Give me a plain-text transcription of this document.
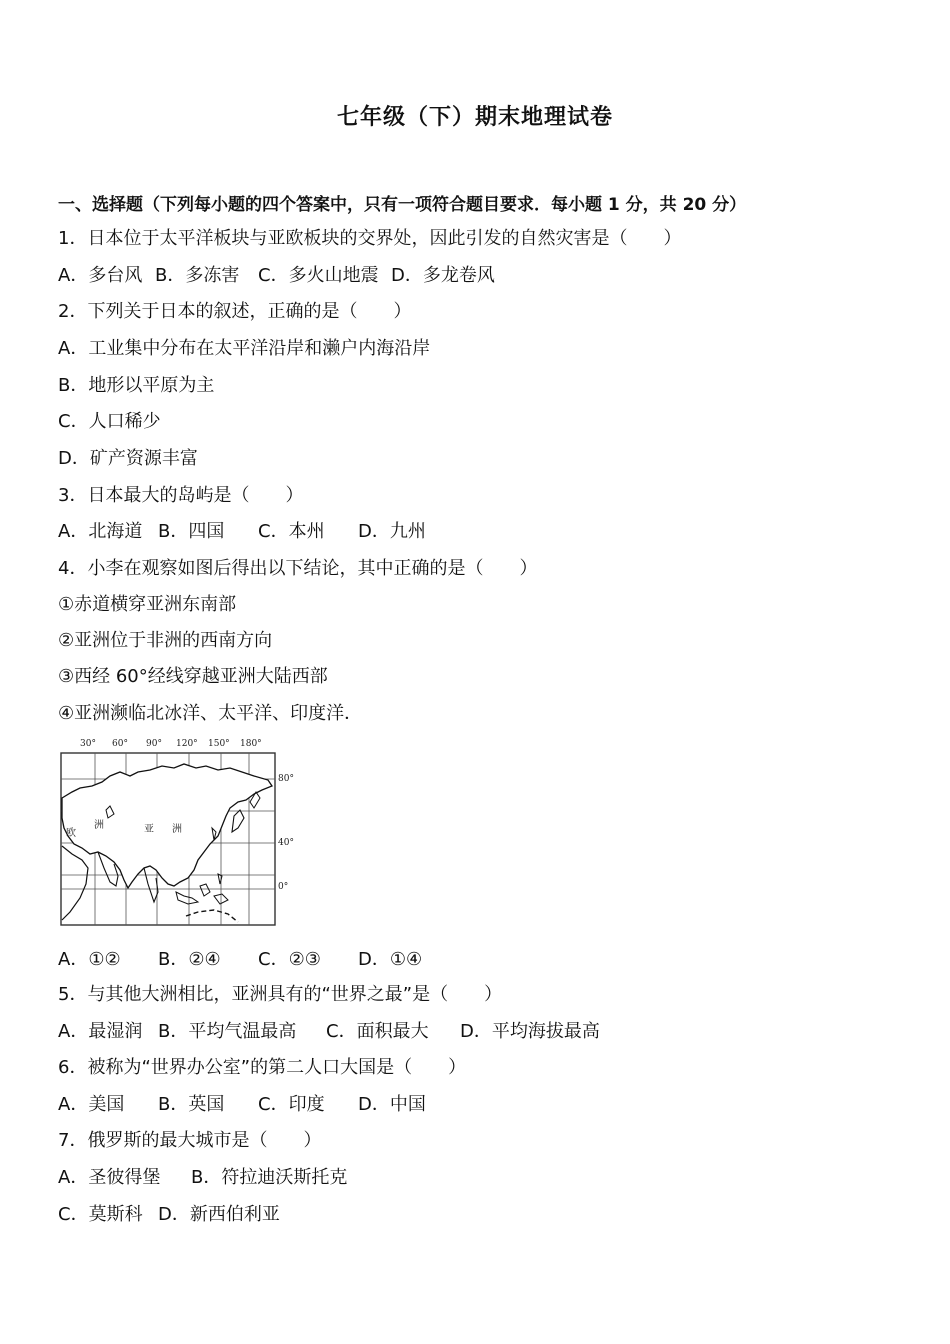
七年级（下）期末地理试卷
一、选择题（下列每小题的四个答案中，只有一项符合题目要求．每小题 1 分，共 20 分）
1．日本位于太平洋板块与亚欧板块的交界处，因此引发的自然灾害是（　　）
A．多台风 B．多冻害 C．多火山地震 D．多龙卷风
2．下列关于日本的叙述，正确的是（　　）
A．工业集中分布在太平洋沿岸和濑户内海沿岸
B．地形以平原为主
C．人口稀少
D．矿产资源丰富
3．日本最大的岛屿是（　　）
A．北海道 B．四国 C．本州 D．九州
4．小李在观察如图后得出以下结论，其中正确的是（　　）
①赤道横穿亚洲东南部
②亚洲位于非洲的西南方向
③西经 60°经线穿越亚洲大陆西部
④亚洲濒临北冰洋、太平洋、印度洋．
30° 60° 90° 120° 150° 180°
80°
40°
0°
欧
洲	亚 洲
A．①② B．②④ C．②③ D．①④
5．与其他大洲相比，亚洲具有的“世界之最”是（　　）
A．最湿润 B．平均气温最高 C．面积最大 D．平均海拔最高
6．被称为“世界办公室”的第二人口大国是（　　）
A．美国 B．英国 C．印度 D．中国
7．俄罗斯的最大城市是（　　）
A．圣彼得堡 B．符拉迪沃斯托克
C．莫斯科 D．新西伯利亚
